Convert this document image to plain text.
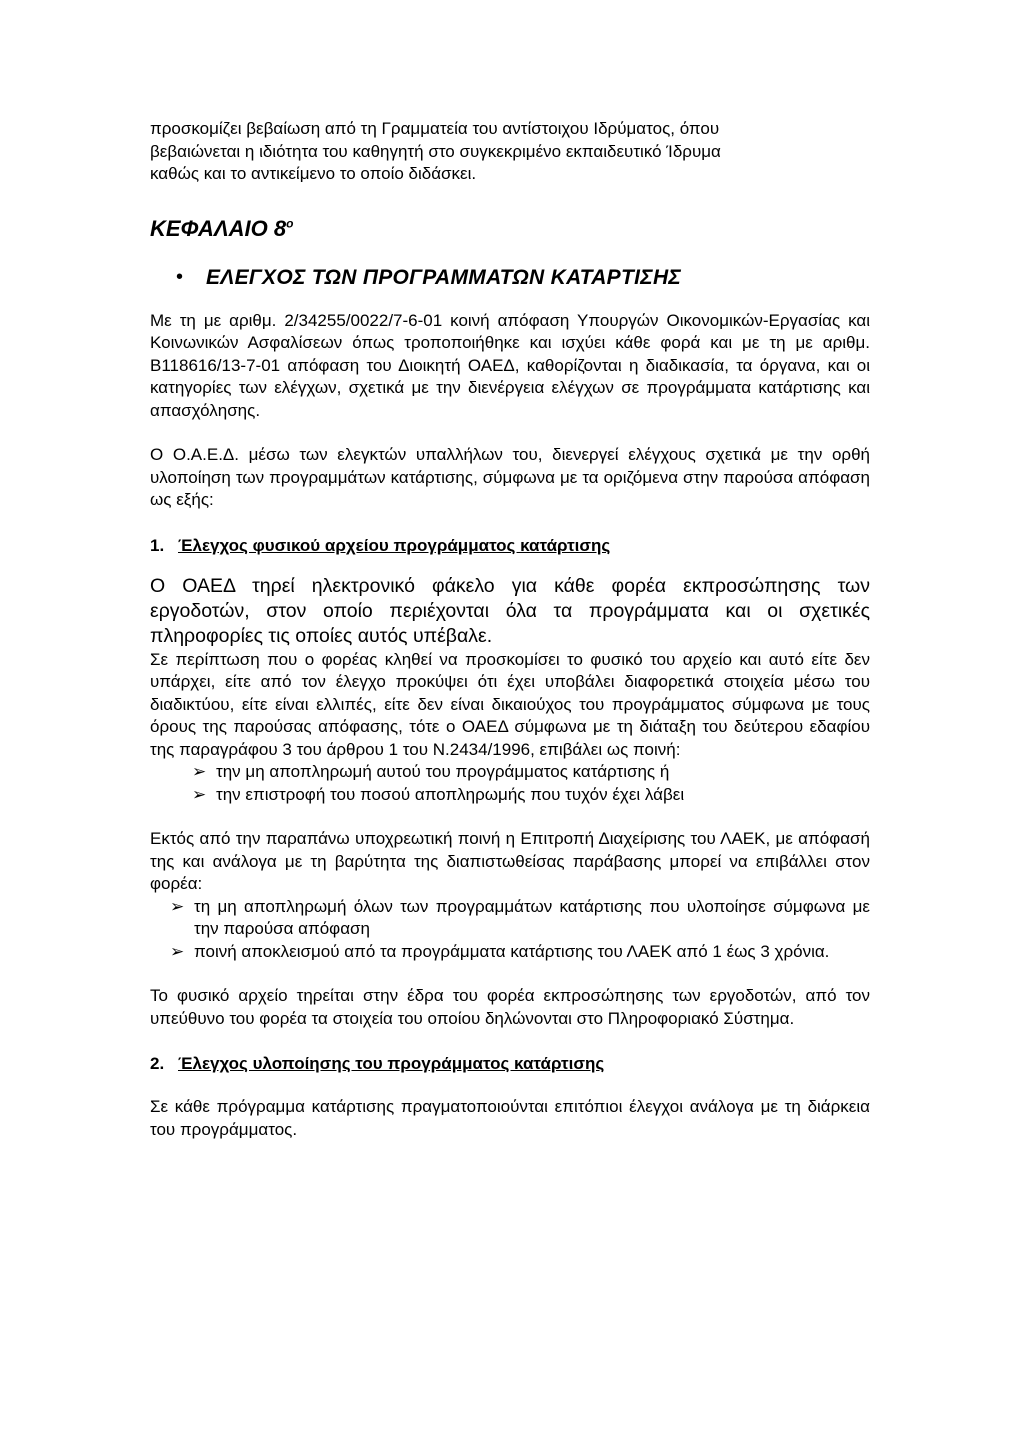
προσκομίζει βεβαίωση από τη Γραμματεία του αντίστοιχου Ιδρύματος, όπου

βεβαιώνεται η ιδιότητα του καθηγητή στο συγκεκριμένο εκπαιδευτικό Ίδρυμα

καθώς και το αντικείμενο το οποίο διδάσκει.

ΚΕΦΑΛΑΙΟ $8^o$

•	ΕΛΕΓΧΟΣ ΤΩΝ ΠΡΟΓΡΑΜΜΑΤΩΝ ΚΑΤΑΡΤΙΣΗΣ

Με τη με αριθμ. 2/34255/0022/7-6-01 κοινή απόφαση Υπουργών Οικονομικών-Εργασίας και Κοινωνικών Ασφαλίσεων όπως τροποποιήθηκε και ισχύει κάθε φορά και με τη με αριθμ. Β118616/13-7-01 απόφαση του Διοικητή ΟΑΕΔ, καθορίζονται η διαδικασία, τα όργανα, και οι κατηγορίες των ελέγχων, σχετικά με την διενέργεια ελέγχων σε προγράμματα κατάρτισης και απασχόλησης.

Ο Ο.Α.Ε.Δ. μέσω των ελεγκτών υπαλλήλων του, διενεργεί ελέγχους σχετικά με την ορθή υλοποίηση των προγραμμάτων κατάρτισης, σύμφωνα με τα οριζόμενα στην παρούσα απόφαση ως εξής:

1. Έλεγχος φυσικού αρχείου προγράμματος κατάρτισης

Ο ΟΑΕΔ τηρεί ηλεκτρονικό φάκελο για κάθε φορέα εκπροσώπησης των εργοδοτών, στον οποίο περιέχονται όλα τα προγράμματα και οι σχετικές πληροφορίες τις οποίες αυτός υπέβαλε.

Σε περίπτωση που ο φορέας κληθεί να προσκομίσει το φυσικό του αρχείο και αυτό είτε δεν υπάρχει, είτε από τον έλεγχο προκύψει ότι έχει υποβάλει διαφορετικά στοιχεία μέσω του διαδικτύου, είτε είναι ελλιπές, είτε δεν είναι δικαιούχος του προγράμματος σύμφωνα με τους όρους της παρούσας απόφασης, τότε ο ΟΑΕΔ σύμφωνα με τη διάταξη του δεύτερου εδαφίου της παραγράφου 3 του άρθρου 1 του Ν.2434/1996, επιβάλει ως ποινή:

➢ την μη αποπληρωμή αυτού του προγράμματος κατάρτισης ή
➢ την επιστροφή του ποσού αποπληρωμής που τυχόν έχει λάβει

Εκτός από την παραπάνω υποχρεωτική ποινή η Επιτροπή Διαχείρισης του ΛΑΕΚ, με απόφασή της και ανάλογα με τη βαρύτητα της διαπιστωθείσας παράβασης μπορεί να επιβάλλει στον φορέα:

➢ τη μη αποπληρωμή όλων των προγραμμάτων κατάρτισης που υλοποίησε σύμφωνα με την παρούσα απόφαση
➢ ποινή αποκλεισμού από τα προγράμματα κατάρτισης του ΛΑΕΚ από 1 έως 3 χρόνια.

Το φυσικό αρχείο τηρείται στην έδρα του φορέα εκπροσώπησης των εργοδοτών, από τον υπεύθυνο του φορέα τα στοιχεία του οποίου δηλώνονται στο Πληροφοριακό Σύστημα.

2. Έλεγχος υλοποίησης του προγράμματος κατάρτισης

Σε κάθε πρόγραμμα κατάρτισης πραγματοποιούνται επιτόπιοι έλεγχοι ανάλογα με τη διάρκεια του προγράμματος.
